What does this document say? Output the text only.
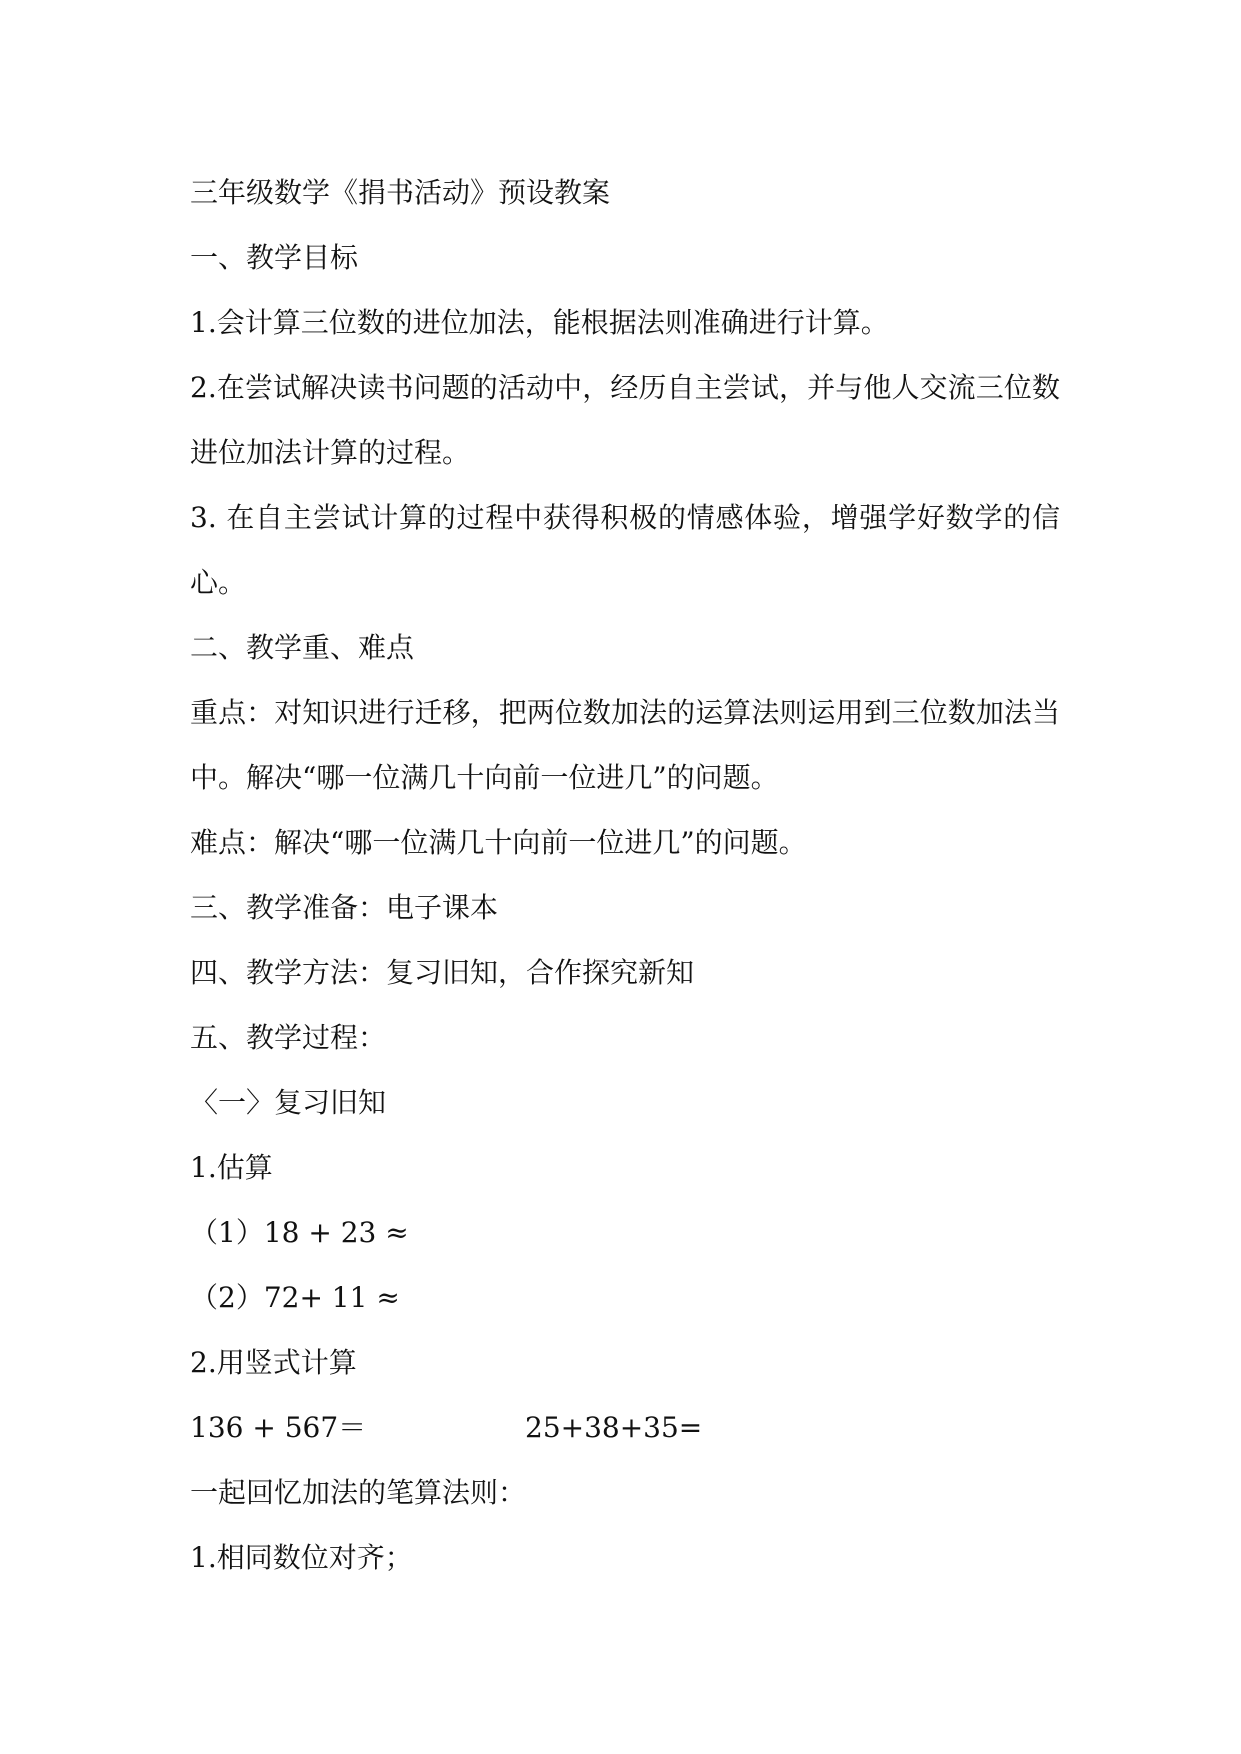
三年级数学《捐书活动》预设教案
一、教学目标
1.会计算三位数的进位加法，能根据法则准确进行计算。
2.在尝试解决读书问题的活动中，经历自主尝试，并与他人交流三位数进位加法计算的过程。
3. 在自主尝试计算的过程中获得积极的情感体验，增强学好数学的信心。
二、教学重、难点
重点：对知识进行迁移，把两位数加法的运算法则运用到三位数加法当中。解决“哪一位满几十向前一位进几”的问题。
难点：解决“哪一位满几十向前一位进几”的问题。
三、教学准备：电子课本
四、教学方法：复习旧知，合作探究新知
五、教学过程：
〈一〉复习旧知
1.估算
（1）18 + 23 ≈
（2）72+ 11 ≈
2.用竖式计算
136 + 567＝	25+38+35=
一起回忆加法的笔算法则：
1.相同数位对齐；
